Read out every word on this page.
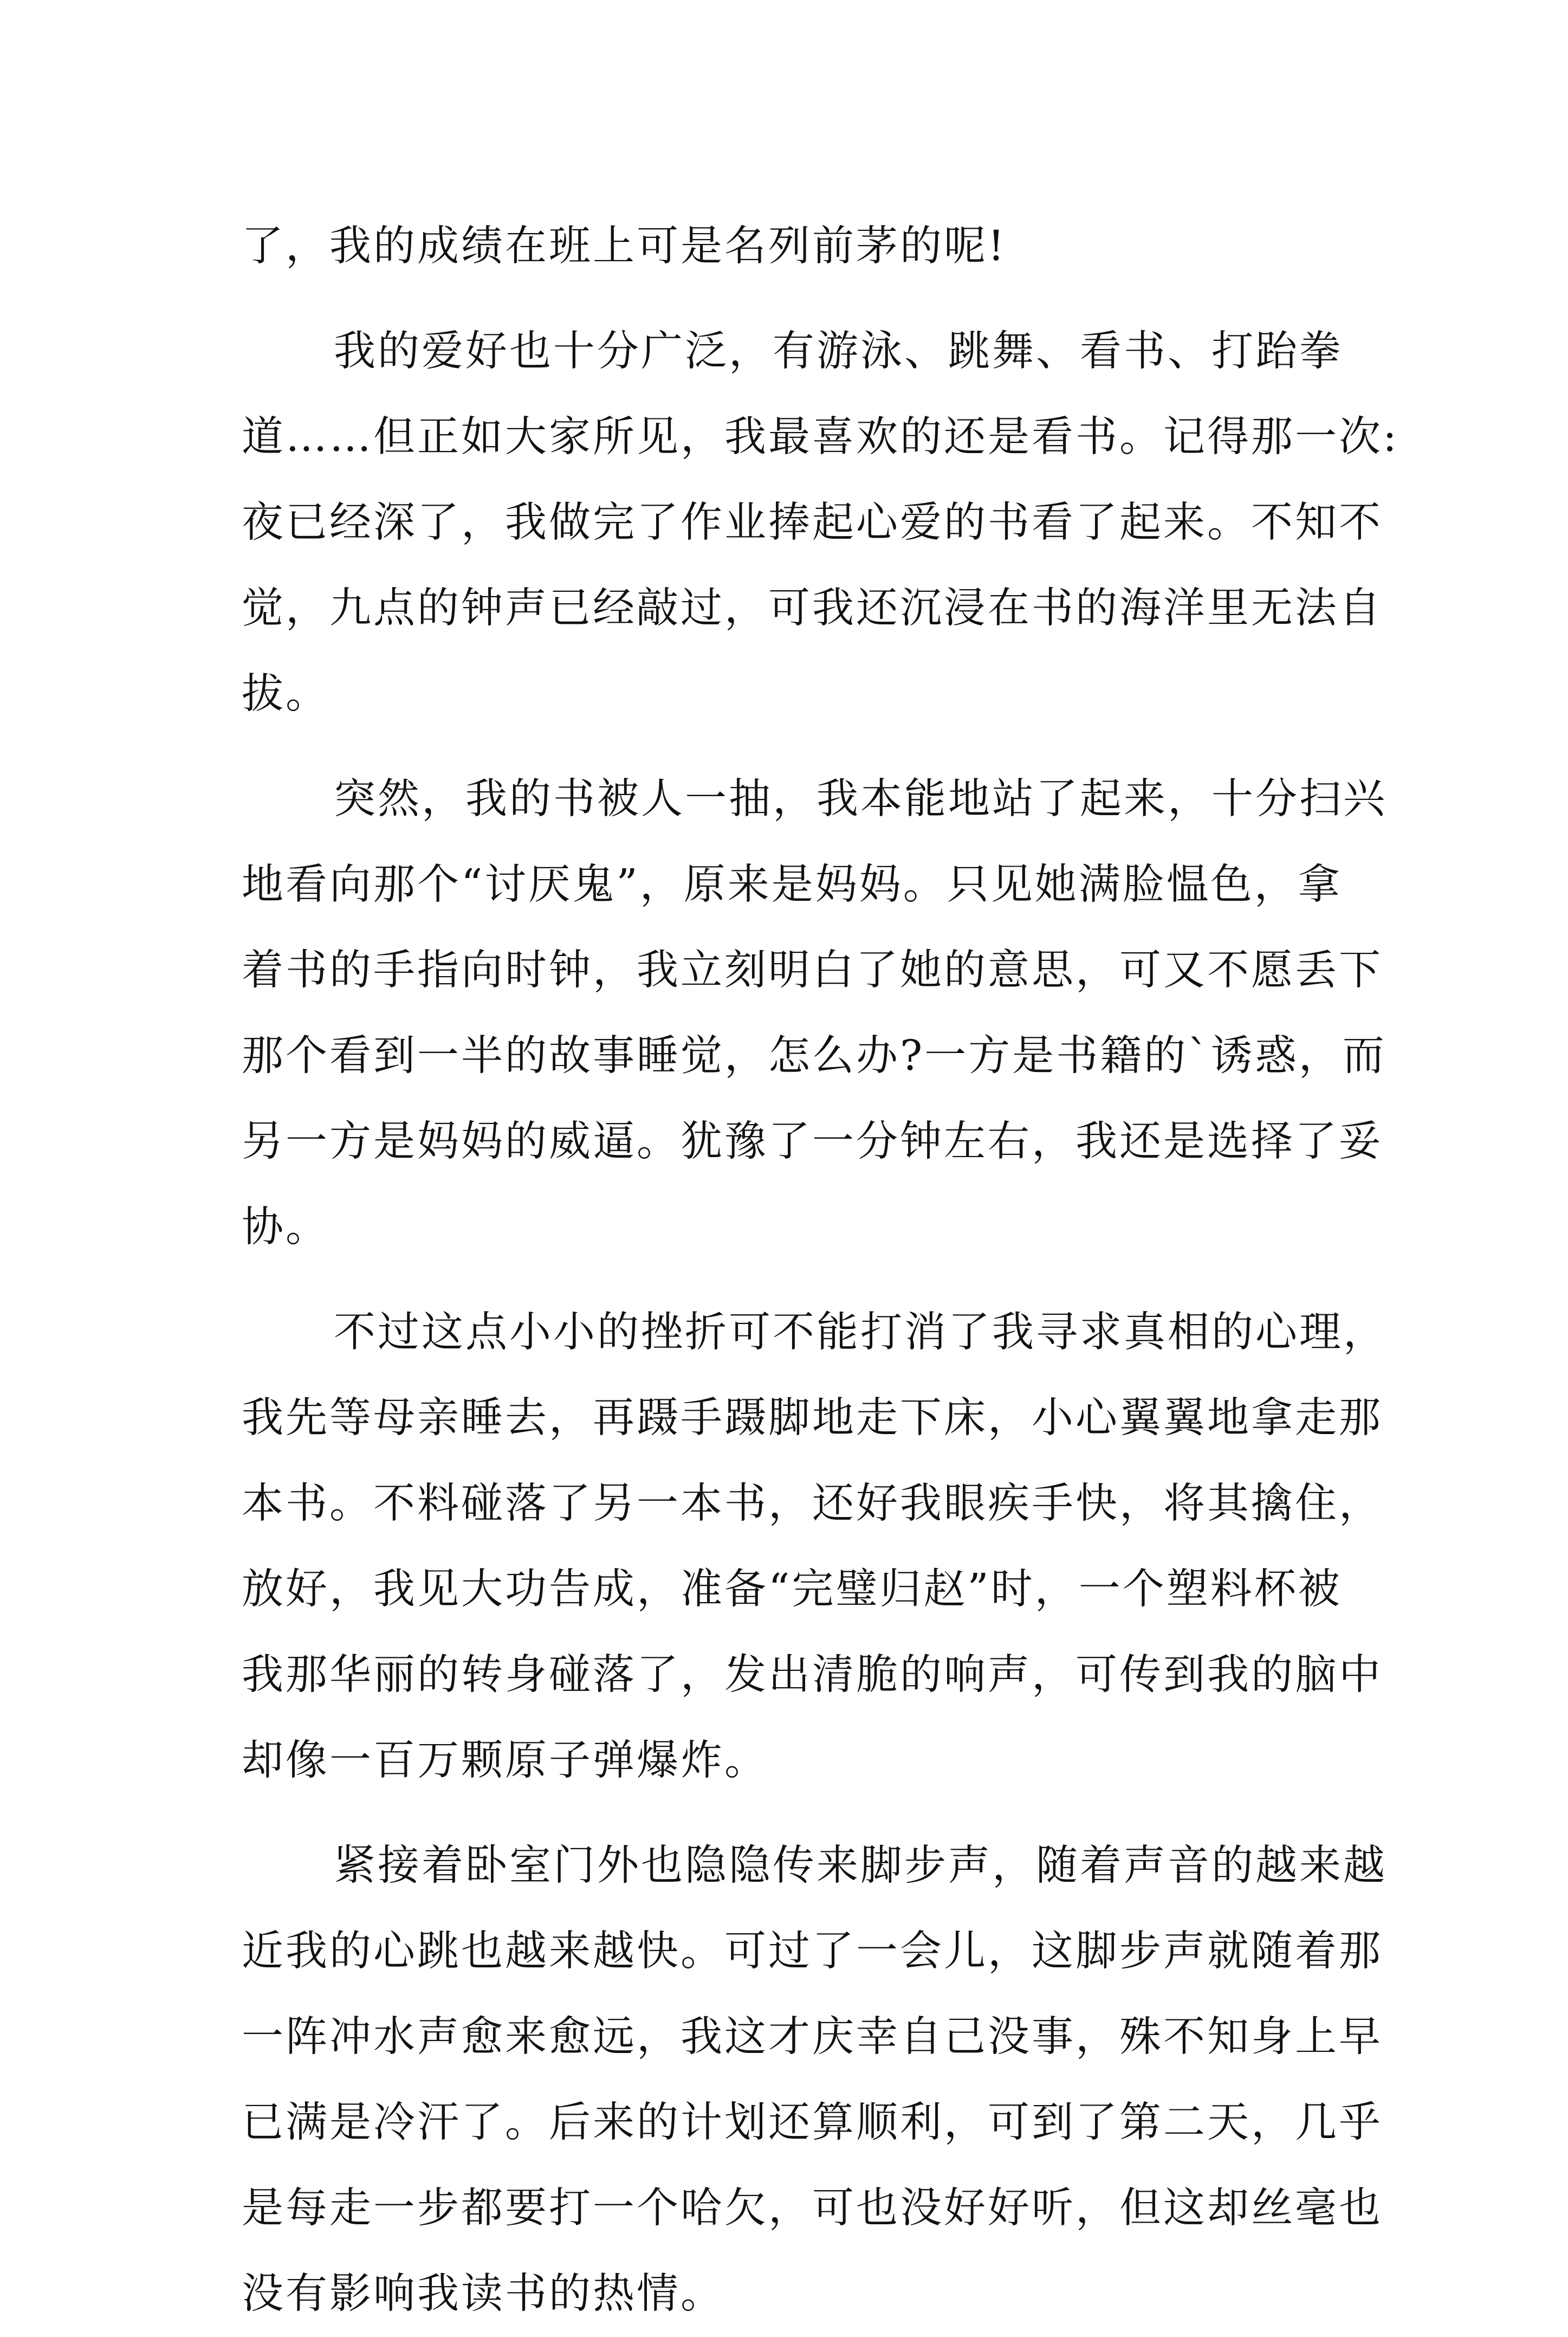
了，我的成绩在班上可是名列前茅的呢!
我的爱好也十分广泛，有游泳、跳舞、看书、打跆拳
道……但正如大家所见，我最喜欢的还是看书。记得那一次:
夜已经深了，我做完了作业捧起心爱的书看了起来。不知不
觉，九点的钟声已经敲过，可我还沉浸在书的海洋里无法自
拔。
突然，我的书被人一抽，我本能地站了起来，十分扫兴
地看向那个“讨厌鬼”，原来是妈妈。只见她满脸愠色，拿
着书的手指向时钟，我立刻明白了她的意思，可又不愿丢下
那个看到一半的故事睡觉，怎么办?一方是书籍的`诱惑，而
另一方是妈妈的威逼。犹豫了一分钟左右，我还是选择了妥
协。
不过这点小小的挫折可不能打消了我寻求真相的心理，
我先等母亲睡去，再蹑手蹑脚地走下床，小心翼翼地拿走那
本书。不料碰落了另一本书，还好我眼疾手快，将其擒住，
放好，我见大功告成，准备“完璧归赵”时，一个塑料杯被
我那华丽的转身碰落了，发出清脆的响声，可传到我的脑中
却像一百万颗原子弹爆炸。
紧接着卧室门外也隐隐传来脚步声，随着声音的越来越
近我的心跳也越来越快。可过了一会儿，这脚步声就随着那
一阵冲水声愈来愈远，我这才庆幸自己没事，殊不知身上早
已满是冷汗了。后来的计划还算顺利，可到了第二天，几乎
是每走一步都要打一个哈欠，可也没好好听，但这却丝毫也
没有影响我读书的热情。
